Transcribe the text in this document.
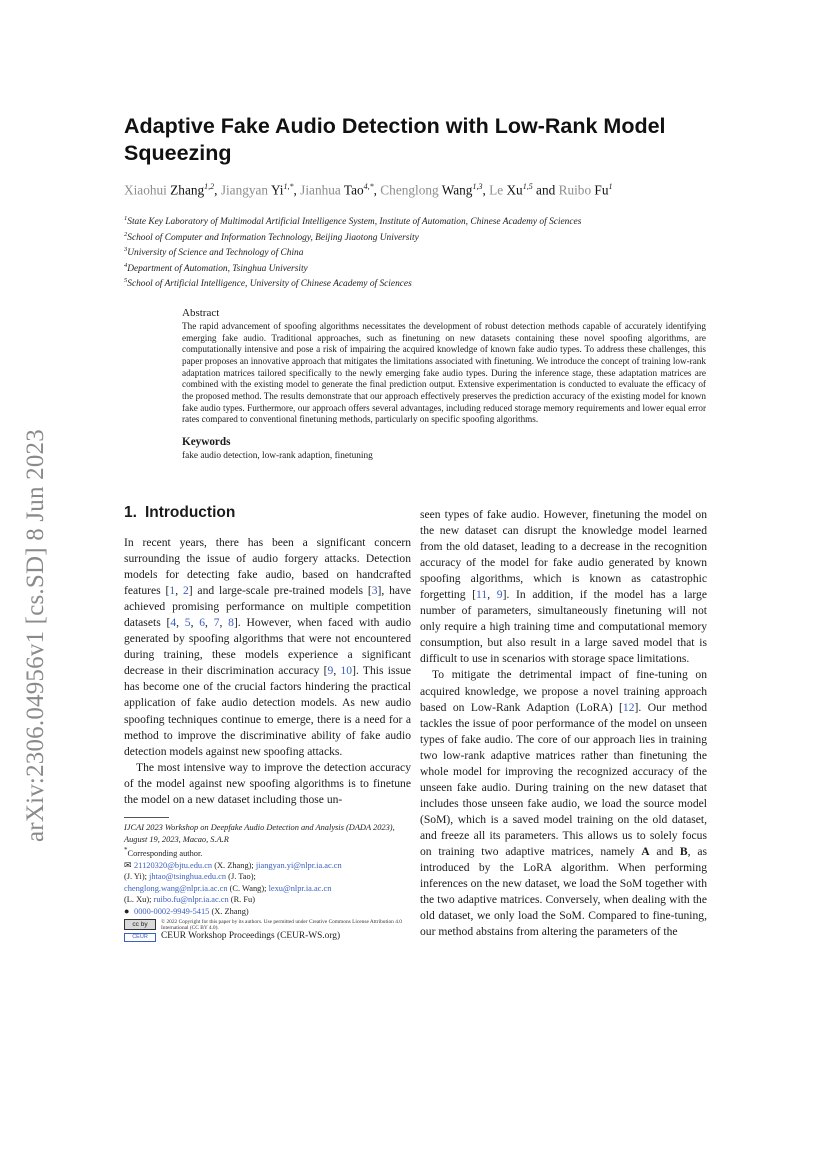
arXiv:2306.04956v1 [cs.SD] 8 Jun 2023
Adaptive Fake Audio Detection with Low-Rank Model Squeezing
Xiaohui Zhang$^{1,2}$, Jiangyan $Yi^{1,*}$, Jianhua Tao$^{4,*}$, Chenglong Wang$^{1,3}$, Le Xu$^{1,5}$ and Ruibo Fu$^1$
$^1$State Key Laboratory of Multimodal Artificial Intelligence System, Institute of Automation, Chinese Academy of Sciences
$^2$School of Computer and Information Technology, Beijing Jiaotong University
$^3$University of Science and Technology of China
$^4$Department of Automation, Tsinghua University
$^5$School of Artificial Intelligence, University of Chinese Academy of Sciences
Abstract

The rapid advancement of spoofing algorithms necessitates the development of robust detection methods capable of accurately identifying emerging fake audio. Traditional approaches, such as finetuning on new datasets containing these novel spoofing algorithms, are computationally intensive and pose a risk of impairing the acquired knowledge of known fake audio types. To address these challenges, this paper proposes an innovative approach that mitigates the limitations associated with finetuning. We introduce the concept of training low-rank adaptation matrices tailored specifically to the newly emerging fake audio types. During the inference stage, these adaptation matrices are combined with the existing model to generate the final prediction output. Extensive experimentation is conducted to evaluate the efficacy of the proposed method. The results demonstrate that our approach effectively preserves the prediction accuracy of the existing model for known fake audio types. Furthermore, our approach offers several advantages, including reduced storage memory requirements and lower equal error rates compared to conventional finetuning methods, particularly on specific spoofing algorithms.

Keywords
fake audio detection, low-rank adaption, finetuning
1. Introduction

In recent years, there has been a significant concern surrounding the issue of audio forgery attacks. Detection models for detecting fake audio, based on handcrafted features [1, 2] and large-scale pre-trained models [3], have achieved promising performance on multiple competition datasets [4, 5, 6, 7, 8]. However, when faced with audio generated by spoofing algorithms that were not encountered during training, these models experience a significant decrease in their discrimination accuracy [9, 10]. This issue has become one of the crucial factors hindering the practical application of fake audio detection models. As new audio spoofing techniques continue to emerge, there is a need for a method to improve the discriminative ability of fake audio detection models against new spoofing attacks.

The most intensive way to improve the detection accuracy of the model against new spoofing algorithms is to finetune the model on a new dataset including those un-

seen types of fake audio. However, finetuning the model on the new dataset can disrupt the knowledge model learned from the old dataset, leading to a decrease in the recognition accuracy of the model for fake audio generated by known spoofing algorithms, which is known as catastrophic forgetting [11, 9]. In addition, if the model has a large number of parameters, simultaneously finetuning will not only require a high training time and computational memory consumption, but also result in a large saved model that is difficult to use in scenarios with storage space limitations.

To mitigate the detrimental impact of fine-tuning on acquired knowledge, we propose a novel training approach based on Low-Rank Adaption (LoRA) [12]. Our method tackles the issue of poor performance of the model on unseen types of fake audio. The core of our approach lies in training two low-rank adaptive matrices rather than finetuning the whole model for improving the recognized accuracy of the unseen fake audio. During training on the new dataset that includes those unseen fake audio, we load the source model (SoM), which is a saved model training on the old dataset, and freeze all its parameters. This allows us to solely focus on training two adaptive matrices, namely A and B, as introduced by the LoRA algorithm. When performing inferences on the new dataset, we load the SoM together with the two adaptive matrices. Conversely, when dealing with the old dataset, we only load the SoM. Compared to fine-tuning, our method abstains from altering the parameters of the

IJCAI 2023 Workshop on Deepfake Audio Detection and Analysis (DADA 2023), August 19, 2023, Macao, S.A.R
*Corresponding author.
✉ 21120320@bjtu.edu.cn (X. Zhang); jiangyan.yi@nlpr.ia.ac.cn
(J. Yi); jhtao@tsinghua.edu.cn (J. Tao);
chenglong.wang@nlpr.ia.ac.cn (C. Wang); lexu@nlpr.ia.ac.cn
(L. Xu); ruibo.fu@nlpr.ia.ac.cn (R. Fu)
● 0000-0002-9949-5415 (X. Zhang)
cc by	© 2022 Copyright for this paper by its authors. Use permitted under Creative Commons License Attribution 4.0 International (CC BY 4.0).
CEUR	CEUR Workshop Proceedings (CEUR-WS.org)
